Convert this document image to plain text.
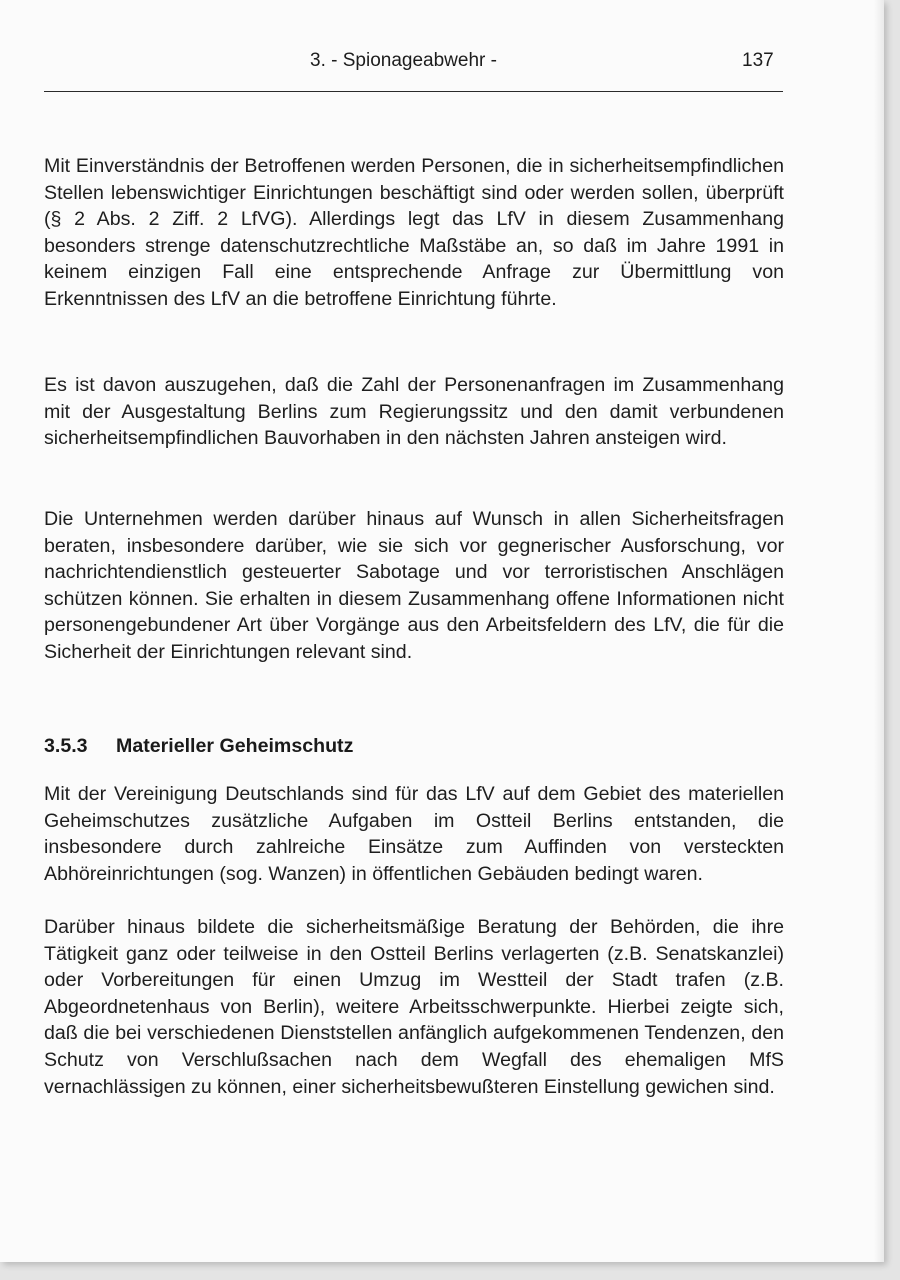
3. - Spionageabwehr -	137

Mit Einverständnis der Betroffenen werden Personen, die in sicherheitsempfindlichen Stellen lebenswichtiger Einrichtungen beschäftigt sind oder werden sollen, überprüft (§ 2 Abs. 2 Ziff. 2 LfVG). Allerdings legt das LfV in diesem Zusammenhang besonders strenge datenschutzrechtliche Maßstäbe an, so daß im Jahre 1991 in keinem einzigen Fall eine entsprechende Anfrage zur Übermittlung von Erkenntnissen des LfV an die betroffene Einrichtung führte.

Es ist davon auszugehen, daß die Zahl der Personenanfragen im Zusammenhang mit der Ausgestaltung Berlins zum Regierungssitz und den damit verbundenen sicherheitsempfindlichen Bauvorhaben in den nächsten Jahren ansteigen wird.

Die Unternehmen werden darüber hinaus auf Wunsch in allen Sicherheitsfragen beraten, insbesondere darüber, wie sie sich vor gegnerischer Ausforschung, vor nachrichtendienstlich gesteuerter Sabotage und vor terroristischen Anschlägen schützen können. Sie erhalten in diesem Zusammenhang offene Informationen nicht personengebundener Art über Vorgänge aus den Arbeitsfeldern des LfV, die für die Sicherheit der Einrichtungen relevant sind.

3.5.3 Materieller Geheimschutz

Mit der Vereinigung Deutschlands sind für das LfV auf dem Gebiet des materiellen Geheimschutzes zusätzliche Aufgaben im Ostteil Berlins entstanden, die insbesondere durch zahlreiche Einsätze zum Auffinden von versteckten Abhöreinrichtungen (sog. Wanzen) in öffentlichen Gebäuden bedingt waren.

Darüber hinaus bildete die sicherheitsmäßige Beratung der Behörden, die ihre Tätigkeit ganz oder teilweise in den Ostteil Berlins verlagerten (z.B. Senatskanzlei) oder Vorbereitungen für einen Umzug im Westteil der Stadt trafen (z.B. Abgeordnetenhaus von Berlin), weitere Arbeitsschwerpunkte. Hierbei zeigte sich, daß die bei verschiedenen Dienststellen anfänglich aufgekommenen Tendenzen, den Schutz von Verschlußsachen nach dem Wegfall des ehemaligen MfS vernachlässigen zu können, einer sicherheitsbewußteren Einstellung gewichen sind.
